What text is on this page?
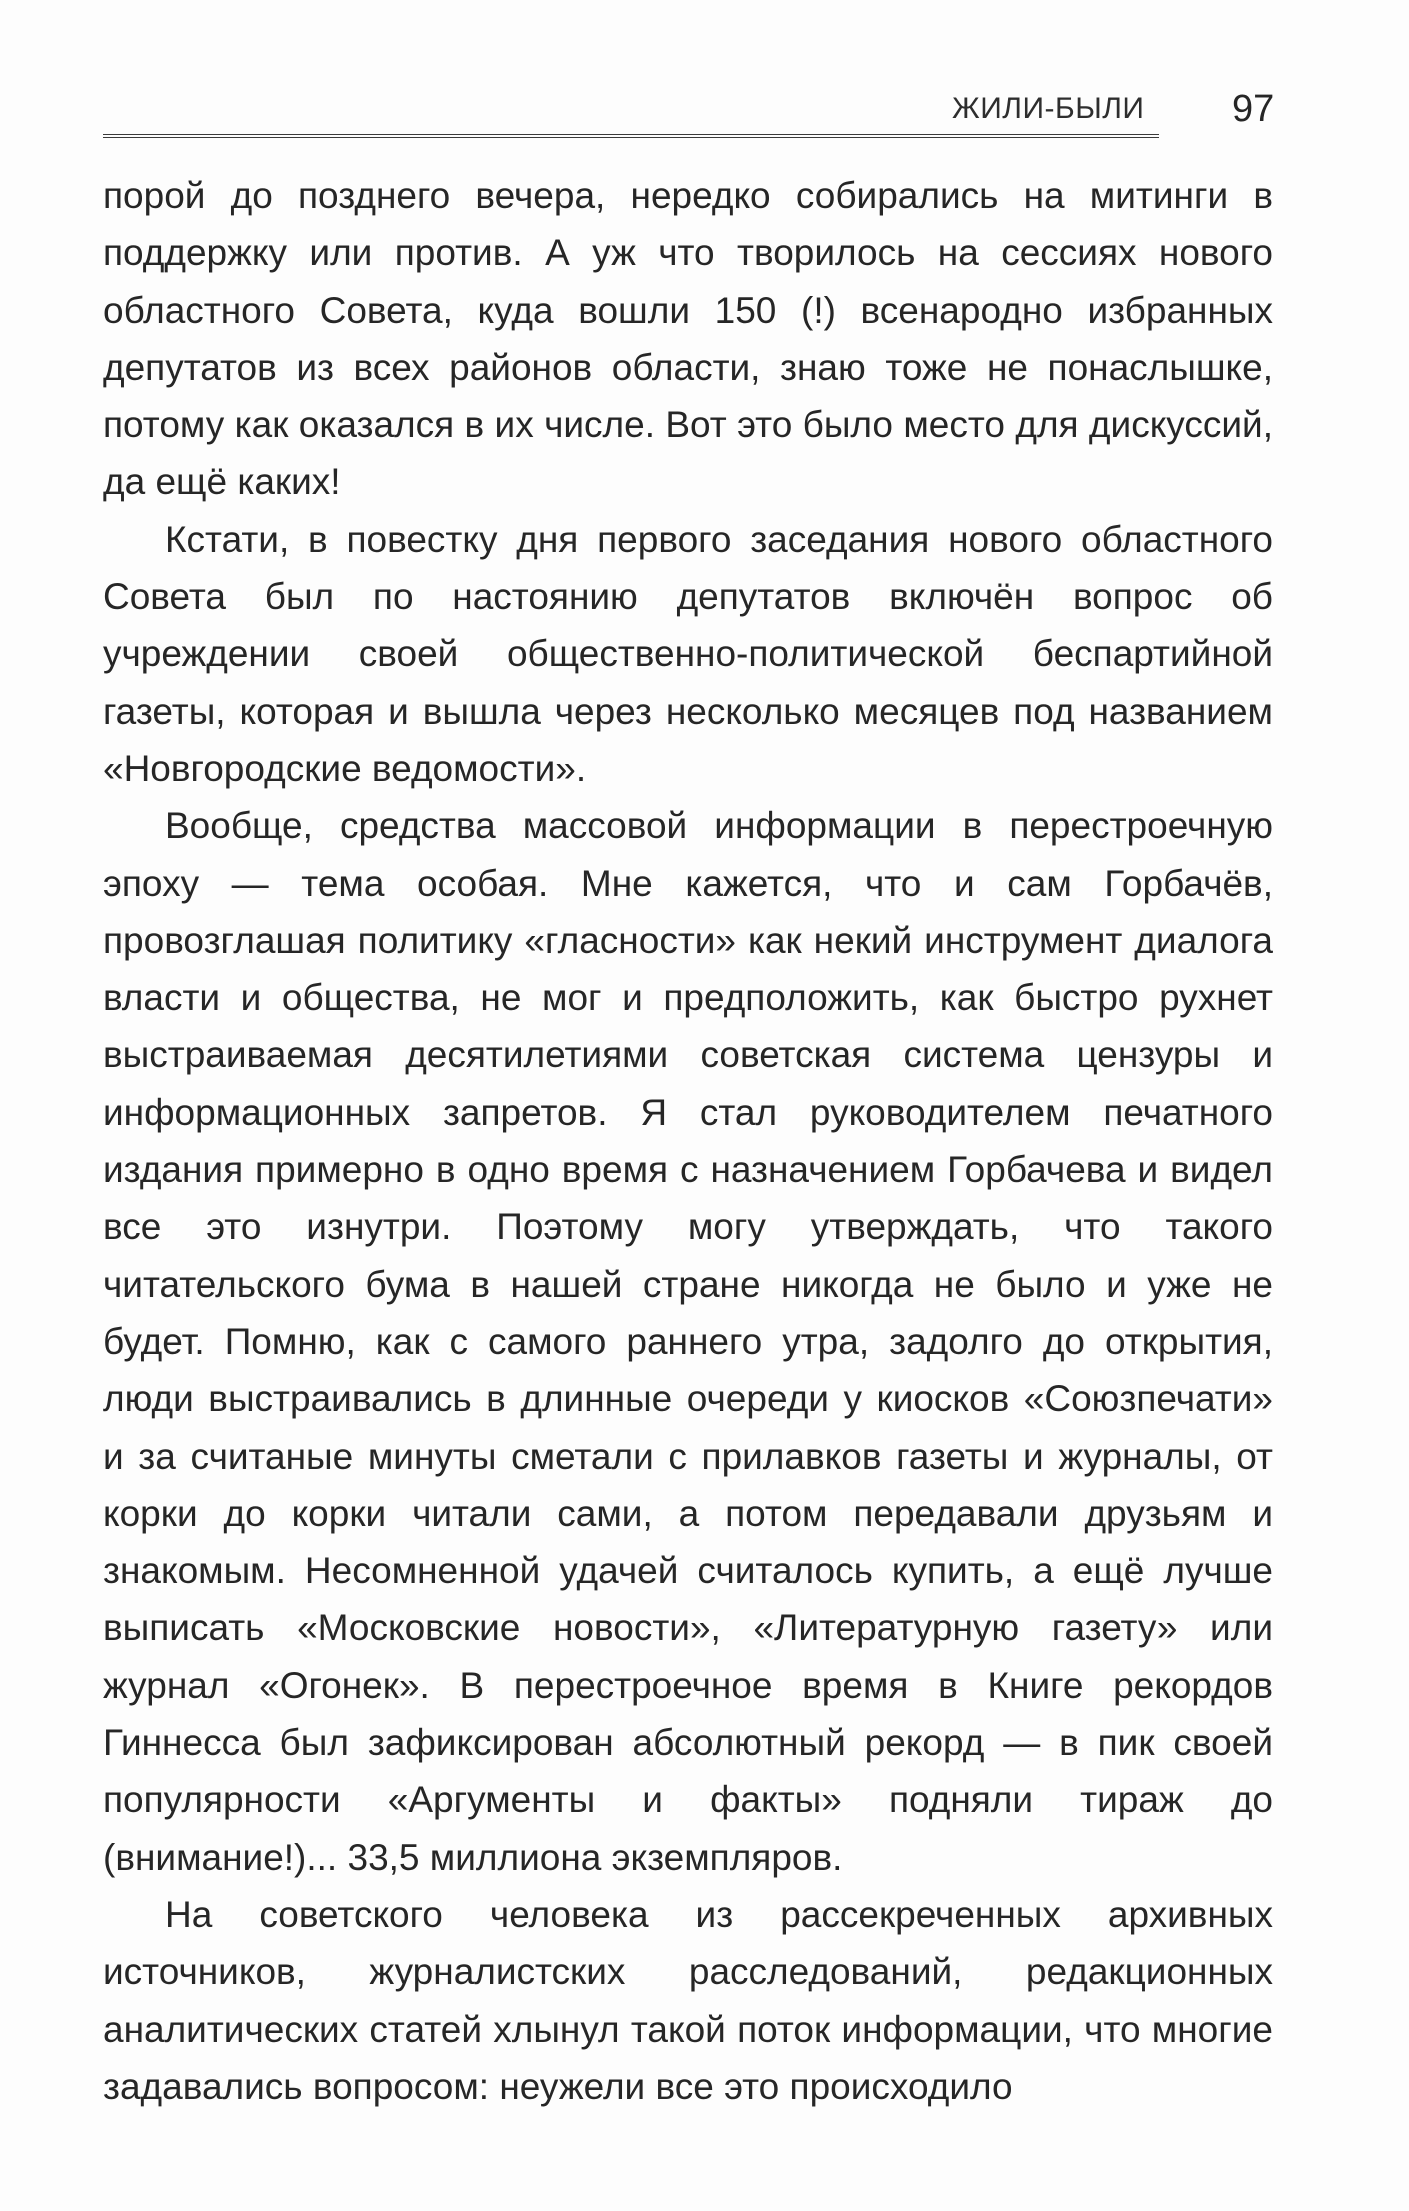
ЖИЛИ-БЫЛИ 97

порой до позднего вечера, нередко собирались на митинги в поддержку или против. А уж что творилось на сессиях нового областного Совета, куда вошли 150 (!) всенародно избранных депутатов из всех районов области, знаю тоже не понаслышке, потому как оказался в их числе. Вот это было место для дискуссий, да ещё каких!

Кстати, в повестку дня первого заседания нового областного Совета был по настоянию депутатов включён вопрос об учреждении своей общественно-политической беспартийной газеты, которая и вышла через несколько месяцев под названием «Новгородские ведомости».

Вообще, средства массовой информации в перестроечную эпоху — тема особая. Мне кажется, что и сам Горбачёв, провозглашая политику «гласности» как некий инструмент диалога власти и общества, не мог и предположить, как быстро рухнет выстраиваемая десятилетиями советская система цензуры и информационных запретов. Я стал руководителем печатного издания примерно в одно время с назначением Горбачева и видел все это изнутри. Поэтому могу утверждать, что такого читательского бума в нашей стране никогда не было и уже не будет. Помню, как с самого раннего утра, задолго до открытия, люди выстраивались в длинные очереди у киосков «Союзпечати» и за считаные минуты сметали с прилавков газеты и журналы, от корки до корки читали сами, а потом передавали друзьям и знакомым. Несомненной удачей считалось купить, а ещё лучше выписать «Московские новости», «Литературную газету» или журнал «Огонек». В перестроечное время в Книге рекордов Гиннесса был зафиксирован абсолютный рекорд — в пик своей популярности «Аргументы и факты» подняли тираж до (внимание!)... 33,5 миллиона экземпляров.

На советского человека из рассекреченных архивных источников, журналистских расследований, редакционных аналитических статей хлынул такой поток информации, что многие задавались вопросом: неужели все это происходило
